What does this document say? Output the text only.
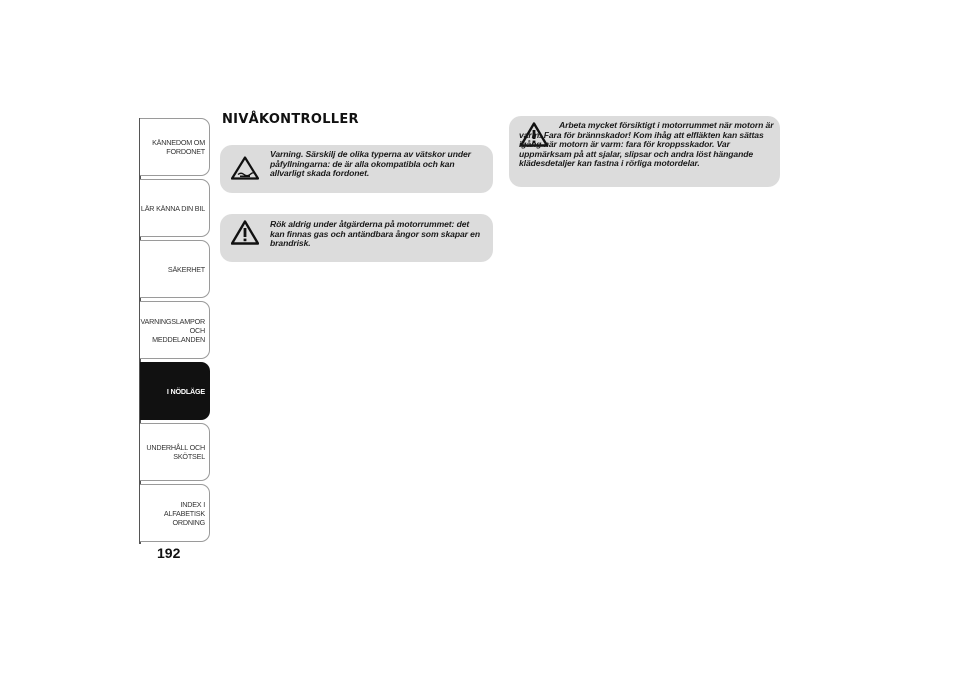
KÄNNEDOM OM
FORDONET
LÄR KÄNNA DIN BIL
SÄKERHET
VARNINGSLAMPOR
OCH MEDDELANDEN
I NÖDLÄGE
UNDERHÅLL OCH
SKÖTSEL
INDEX I ALFABETISK
ORDNING
192
NIVÅKONTROLLER
Varning. Särskilj de olika typerna av vätskor under påfyllningarna: de är alla okompatibla och kan allvarligt skada fordonet.
Rök aldrig under åtgärderna på motorrummet: det kan finnas gas och antändbara ångor som skapar en brandrisk.
Arbeta mycket försiktigt i motorrummet när motorn är varm. Fara för brännskador! Kom ihåg att elfläkten kan sättas igång när motorn är varm: fara för kroppsskador. Var uppmärksam på att sjalar, slipsar och andra löst hängande klädesdetaljer kan fastna i rörliga motordelar.
